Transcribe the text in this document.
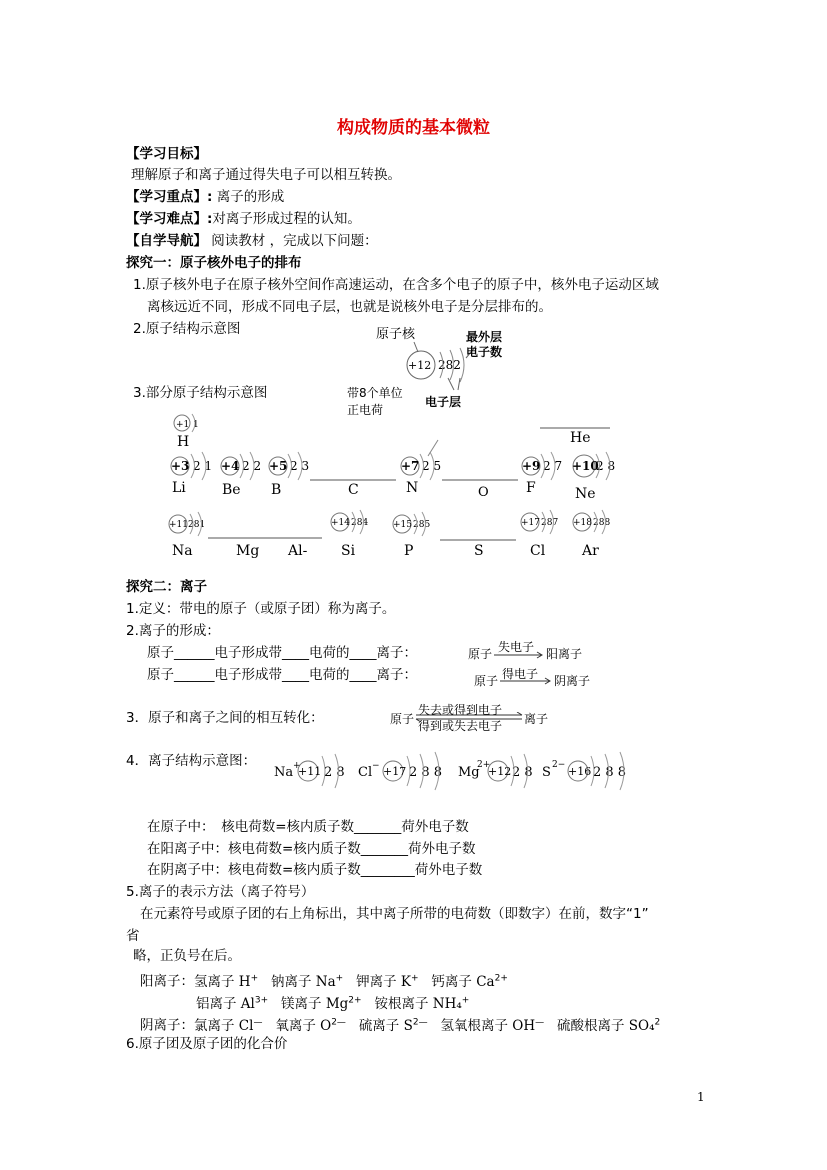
构成物质的基本微粒
【学习目标】
理解原子和离子通过得失电子可以相互转换。
【学习重点】: 离子的形成
【学习难点】:对离子形成过程的认知。
【自学导航】 阅读教材 ，完成以下问题：
探究一：原子核外电子的排布
1.原子核外电子在原子核外空间作高速运动，在含多个电子的原子中，核外电子运动区域
离核远近不同，形成不同电子层，也就是说核外电子是分层排布的。
2.原子结构示意图
+12 282
原子核	最外层
电子数
3.部分原子结构示意图	带8个单位
正电荷
电子层
+1 1
H
+3 2 1
Li
+4 2 2
Be
+5 2 3
B	C
+7 2 5
N	O
+9 2 7
F
+10
2 8
Ne
He
+11 281
Na	Mg Al-
+14 284
Si
+15 285
P	S
+17 287
Cl
+18 288
Ar
探究二：离子
1.定义：带电的原子（或原子团）称为离子。
2.离子的形成：
原子______电子形成带____电荷的____离子：
原子______电子形成带____电荷的____离子：
原子 失电子 阳离子
原子 得电子 阴离子
3．原子和离子之间的相互转化：	原子
失去或得到电子
得到或失去电子 离子
4．离子结构示意图：
Na +
+11 2 8 Cl − +17 2 8 8 Mg
2+
+12 2 8 S 2− +16 2 8 8
在原子中：　核电荷数=核内质子数_______荷外电子数
在阳离子中：核电荷数=核内质子数_______荷外电子数
在阴离子中：核电荷数=核内质子数________荷外电子数
5.离子的表示方法（离子符号）
在元素符号或原子团的右上角标出，其中离子所带的电荷数（即数字）在前，数字“1”
省
略，正负号在后。
阳离子：氢离子 H+ 钠离子 Na+ 钾离子 K+ 钙离子 $Ca^{2+}$
铝离子 $Al^{3+}$ 镁离子 $Mg^{2+}$ 铵根离子 NH₄+
阴离子：氯离子 Cl— 氧离子 $O^{2—}$ 硫离子 $S^{2—}$ 氢氧根离子 OH— 硫酸根离子 SO₄$^2$
6.原子团及原子团的化合价
1
